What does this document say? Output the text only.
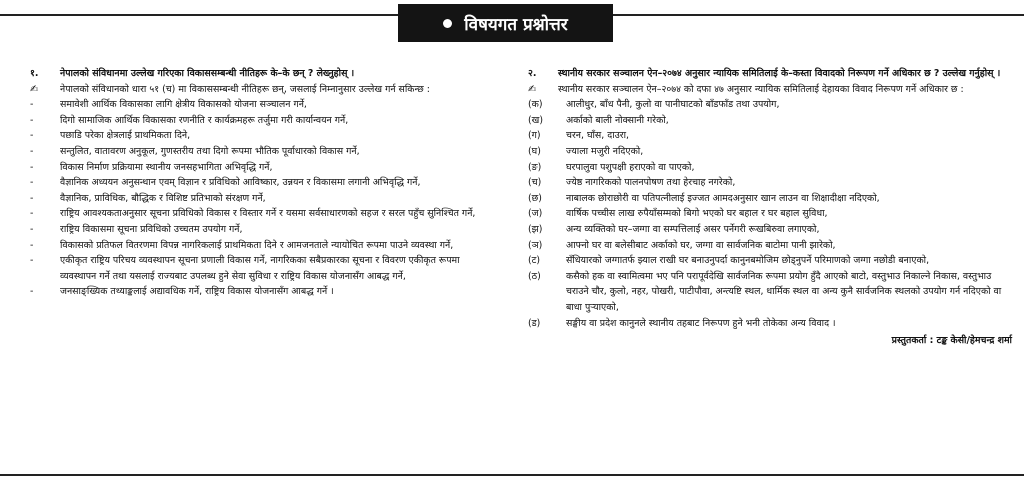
विषयगत प्रश्नोत्तर
१.	नेपालको संविधानमा उल्लेख गरिएका विकाससम्बन्धी नीतिहरू के–के छन् ? लेख्नुहोस् ।
✍	नेपालको संविधानको धारा ५१ (च) मा विकाससम्बन्धी नीतिहरू छन्, जसलाई निम्नानुसार उल्लेख गर्न सकिन्छ :
-	समावेशी आर्थिक विकासका लागि क्षेत्रीय विकासको योजना सञ्चालन गर्ने,
-	दिगो सामाजिक आर्थिक विकासका रणनीति र कार्यक्रमहरू तर्जुमा गरी कार्यान्वयन गर्ने,
-	पछाडि परेका क्षेत्रलाई प्राथमिकता दिने,
-	सन्तुलित, वातावरण अनुकूल, गुणस्तरीय तथा दिगो रूपमा भौतिक पूर्वाधारको विकास गर्ने,
-	विकास निर्माण प्रक्रियामा स्थानीय जनसहभागिता अभिवृद्धि गर्ने,
-	वैज्ञानिक अध्ययन अनुसन्धान एवम् विज्ञान र प्रविधिको आविष्कार, उन्नयन र विकासमा लगानी अभिवृद्धि गर्ने,
-	वैज्ञानिक, प्राविधिक, बौद्धिक र विशिष्ट प्रतिभाको संरक्षण गर्ने,
-	राष्ट्रिय आवश्यकताअनुसार सूचना प्रविधिको विकास र विस्तार गर्ने र यसमा सर्वसाधारणको सहज र सरल पहुँच सुनिश्चित गर्ने,
-	राष्ट्रिय विकासमा सूचना प्रविधिको उच्चतम उपयोग गर्ने,
-	विकासको प्रतिफल वितरणमा विपन्न नागरिकलाई प्राथमिकता दिने र आमजनताले न्यायोचित रूपमा पाउने व्यवस्था गर्ने,
-	एकीकृत राष्ट्रिय परिचय व्यवस्थापन सूचना प्रणाली विकास गर्ने, नागरिकका सबैप्रकारका सूचना र विवरण एकीकृत रूपमा व्यवस्थापन गर्ने तथा यसलाई राज्यबाट उपलब्ध हुने सेवा सुविधा र राष्ट्रिय विकास योजनासँग आबद्ध गर्ने,
-	जनसाङ्ख्यिक तथ्याङ्कलाई अद्यावधिक गर्ने, राष्ट्रिय विकास योजनासँग आबद्ध गर्ने ।
२.	स्थानीय सरकार सञ्चालन ऐन–२०७४ अनुसार न्यायिक समितिलाई के–कस्ता विवादको निरूपण गर्ने अधिकार छ ? उल्लेख गर्नुहोस् ।
✍	स्थानीय सरकार सञ्चालन ऐन–२०७४ को दफा ४७ अनुसार न्यायिक समितिलाई देहायका विवाद निरूपण गर्ने अधिकार छ :
(क)	आलीधुर, बाँध पैनी, कुलो वा पानीघाटको बाँडफाँड तथा उपयोग,
(ख)	अर्काको बाली नोक्सानी गरेको,
(ग)	चरन, घाँस, दाउरा,
(घ)	ज्याला मजुरी नदिएको,
(ङ)	घरपालुवा पशुपक्षी हराएको वा पाएको,
(च)	ज्येष्ठ नागरिकको पालनपोषण तथा हेरचाह नगरेको,
(छ)	नाबालक छोराछोरी वा पतिपत्नीलाई इज्जत आमदअनुसार खान लाउन वा शिक्षादीक्षा नदिएको,
(ज)	वार्षिक पच्चीस लाख रुपैयाँसम्मको बिगो भएको घर बहाल र घर बहाल सुविधा,
(झ)	अन्य व्यक्तिको घर–जग्गा वा सम्पत्तिलाई असर पर्नेगरी रूखबिरुवा लगाएको,
(ञ)	आफ्नो घर वा बलेसीबाट अर्काको घर, जग्गा वा सार्वजनिक बाटोमा पानी झारेको,
(ट)	सँधियारको जग्गातर्फ झ्याल राखी घर बनाउनुपर्दा कानुनबमोजिम छोड्नुपर्ने परिमाणको जग्गा नछोडी बनाएको,
(ठ)	कसैको हक वा स्वामित्वमा भए पनि परापूर्वदेखि सार्वजनिक रूपमा प्रयोग हुँदै आएको बाटो, वस्तुभाउ निकाल्ने निकास, वस्तुभाउ चराउने चौर, कुलो, नहर, पोखरी, पाटीपौवा, अन्त्यष्टि स्थल, धार्मिक स्थल वा अन्य कुनै सार्वजनिक स्थलको उपयोग गर्न नदिएको वा बाधा पुर्‍याएको,
(ड)	सङ्घीय वा प्रदेश कानुनले स्थानीय तहबाट निरूपण हुने भनी तोकेका अन्य विवाद ।
प्रस्तुतकर्ता : टङ्क केसी/हेमचन्द्र शर्मा
